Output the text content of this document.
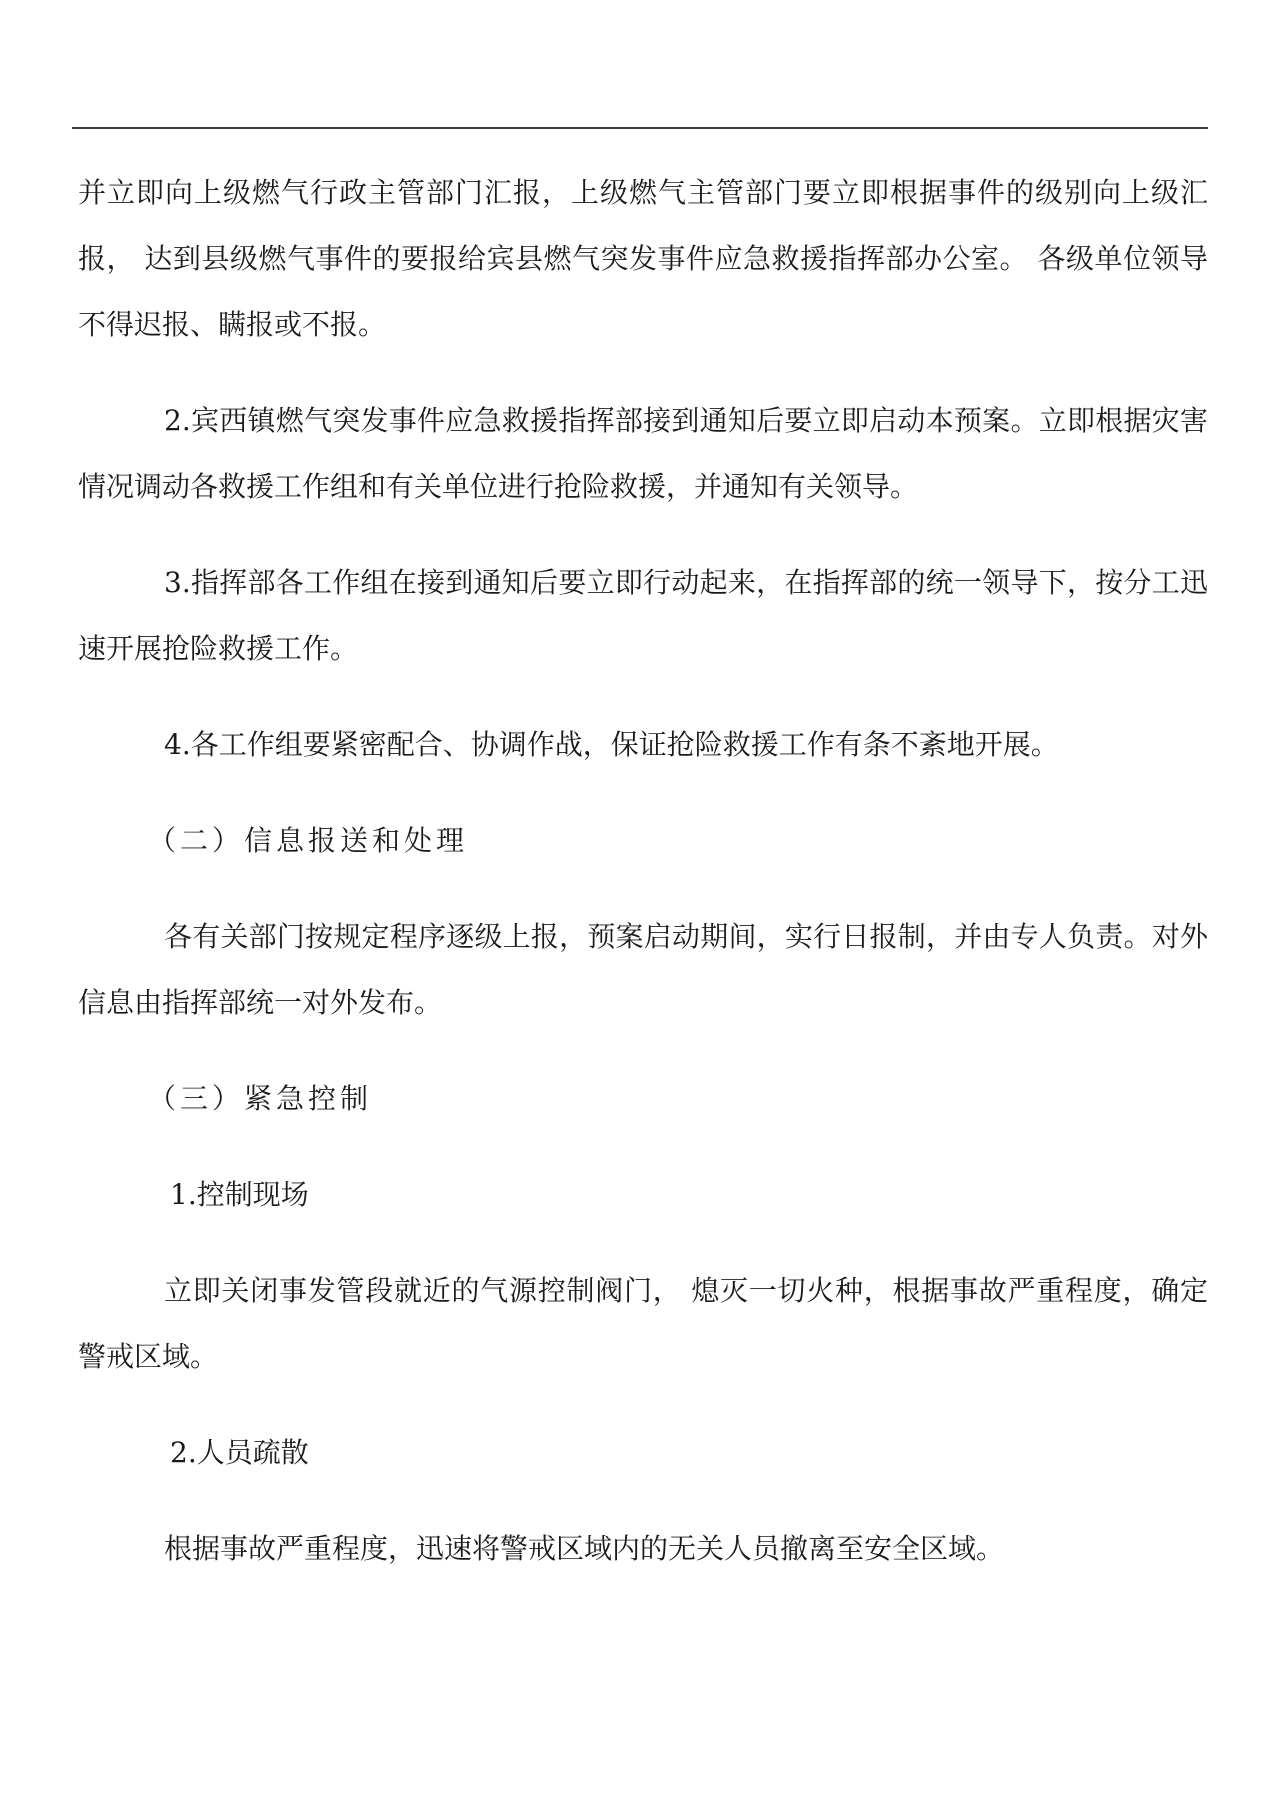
并立即向上级燃气行政主管部门汇报，上级燃气主管部门要立即根据事件的级别向上级汇报， 达到县级燃气事件的要报给宾县燃气突发事件应急救援指挥部办公室。 各级单位领导不得迟报、瞒报或不报。

2.宾西镇燃气突发事件应急救援指挥部接到通知后要立即启动本预案。立即根据灾害情况调动各救援工作组和有关单位进行抢险救援，并通知有关领导。

3.指挥部各工作组在接到通知后要立即行动起来，在指挥部的统一领导下，按分工迅速开展抢险救援工作。

4.各工作组要紧密配合、协调作战，保证抢险救援工作有条不紊地开展。

（二）信息报送和处理

各有关部门按规定程序逐级上报，预案启动期间，实行日报制，并由专人负责。对外信息由指挥部统一对外发布。

（三）紧急控制

1.控制现场

立即关闭事发管段就近的气源控制阀门， 熄灭一切火种，根据事故严重程度，确定警戒区域。

2.人员疏散

根据事故严重程度，迅速将警戒区域内的无关人员撤离至安全区域。
